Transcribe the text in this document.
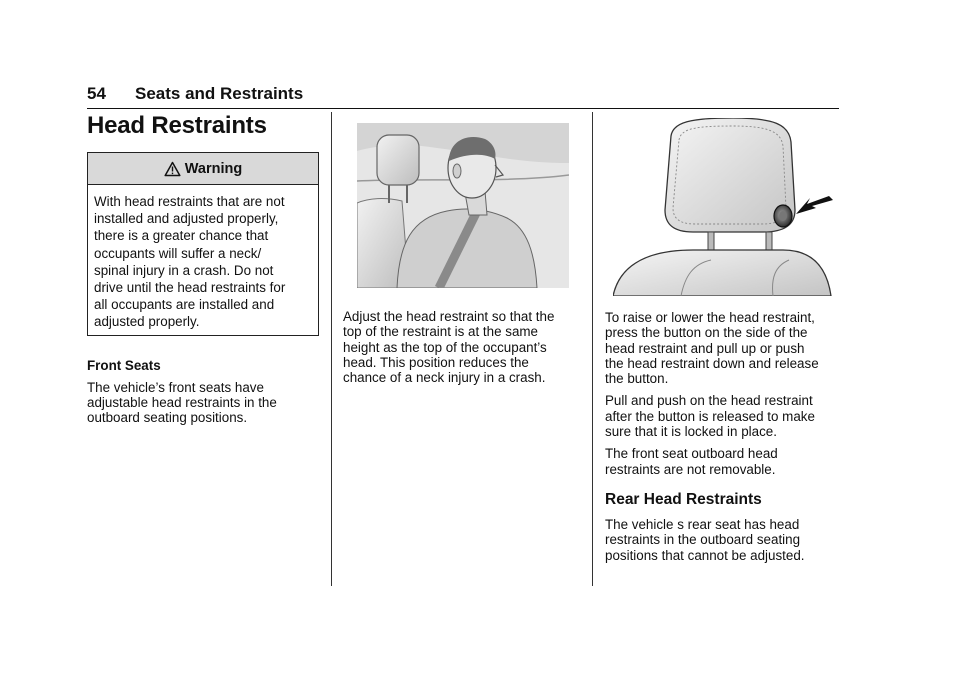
54 Seats and Restraints
Head Restraints
Warning

With head restraints that are not

installed and adjusted properly,

there is a greater chance that

occupants will suffer a neck/

spinal injury in a crash. Do not

drive until the head restraints for

all occupants are installed and

adjusted properly.

Front Seats
The vehicle’s front seats have
adjustable head restraints in the
outboard seating positions.
Adjust the head restraint so that the
top of the restraint is at the same
height as the top of the occupant’s
head. This position reduces the
chance of a neck injury in a crash.
To raise or lower the head restraint,
press the button on the side of the
head restraint and pull up or push
the head restraint down and release
the button.
Pull and push on the head restraint
after the button is released to make
sure that it is locked in place.
The front seat outboard head
restraints are not removable.
Rear Head Restraints
The vehicle s rear seat has head
restraints in the outboard seating
positions that cannot be adjusted.
